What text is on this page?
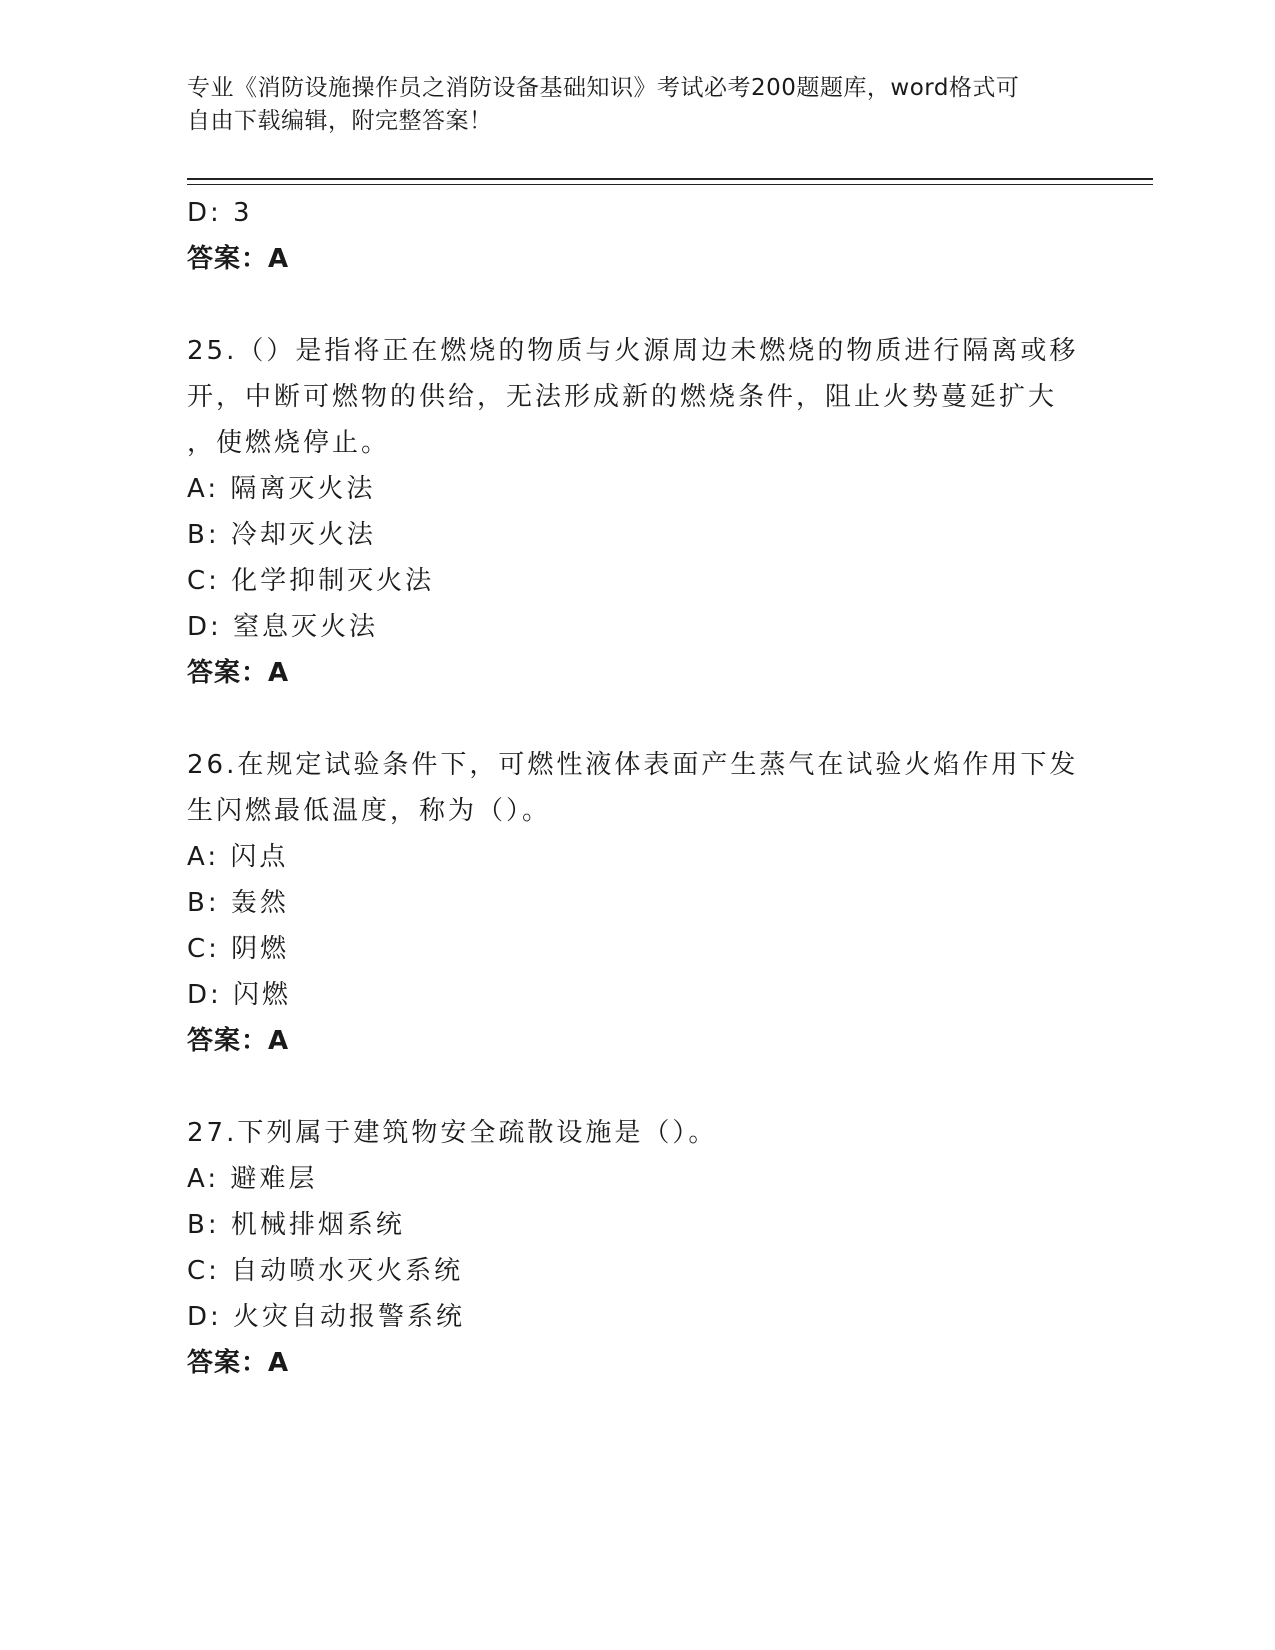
专业《消防设施操作员之消防设备基础知识》考试必考200题题库，word格式可
自由下载编辑，附完整答案！
D: 3
答案：A
25.（）是指将正在燃烧的物质与火源周边未燃烧的物质进行隔离或移
开，中断可燃物的供给，无法形成新的燃烧条件，阻止火势蔓延扩大
，使燃烧停止。
A: 隔离灭火法
B: 冷却灭火法
C: 化学抑制灭火法
D: 窒息灭火法
答案：A
26.在规定试验条件下，可燃性液体表面产生蒸气在试验火焰作用下发
生闪燃最低温度，称为（）。
A: 闪点
B: 轰然
C: 阴燃
D: 闪燃
答案：A
27.下列属于建筑物安全疏散设施是（）。
A: 避难层
B: 机械排烟系统
C: 自动喷水灭火系统
D: 火灾自动报警系统
答案：A
